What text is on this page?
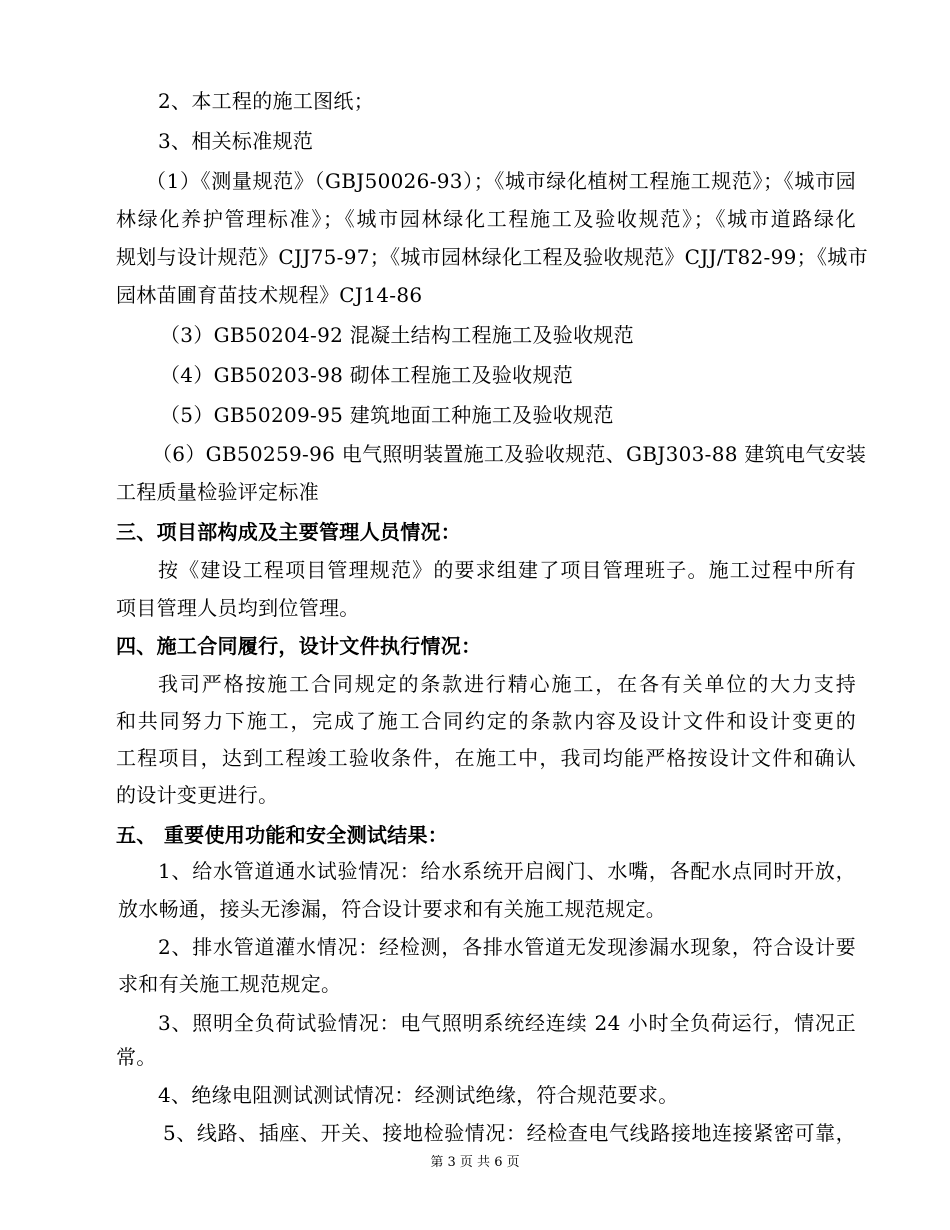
2、本工程的施工图纸；
3、相关标准规范
（1）《测量规范》（GBJ50026-93）；《城市绿化植树工程施工规范》；《城市园
林绿化养护管理标准》；《城市园林绿化工程施工及验收规范》；《城市道路绿化
规划与设计规范》CJJ75-97；《城市园林绿化工程及验收规范》CJJ/T82-99；《城市
园林苗圃育苗技术规程》CJ14-86
（3）GB50204-92 混凝土结构工程施工及验收规范
（4）GB50203-98 砌体工程施工及验收规范
（5）GB50209-95 建筑地面工种施工及验收规范
（6）GB50259-96 电气照明装置施工及验收规范、GBJ303-88 建筑电气安装
工程质量检验评定标准
三、项目部构成及主要管理人员情况：
按《建设工程项目管理规范》的要求组建了项目管理班子。施工过程中所有
项目管理人员均到位管理。
四、施工合同履行，设计文件执行情况：
我司严格按施工合同规定的条款进行精心施工，在各有关单位的大力支持
和共同努力下施工，完成了施工合同约定的条款内容及设计文件和设计变更的
工程项目，达到工程竣工验收条件，在施工中，我司均能严格按设计文件和确认
的设计变更进行。
五、 重要使用功能和安全测试结果：
1、给水管道通水试验情况：给水系统开启阀门、水嘴，各配水点同时开放，
放水畅通，接头无渗漏，符合设计要求和有关施工规范规定。
2、排水管道灌水情况：经检测，各排水管道无发现渗漏水现象，符合设计要
求和有关施工规范规定。
3、照明全负荷试验情况：电气照明系统经连续 24 小时全负荷运行，情况正
常。
4、绝缘电阻测试测试情况：经测试绝缘，符合规范要求。
5、线路、插座、开关、接地检验情况：经检查电气线路接地连接紧密可靠，
第 3 页 共 6 页
